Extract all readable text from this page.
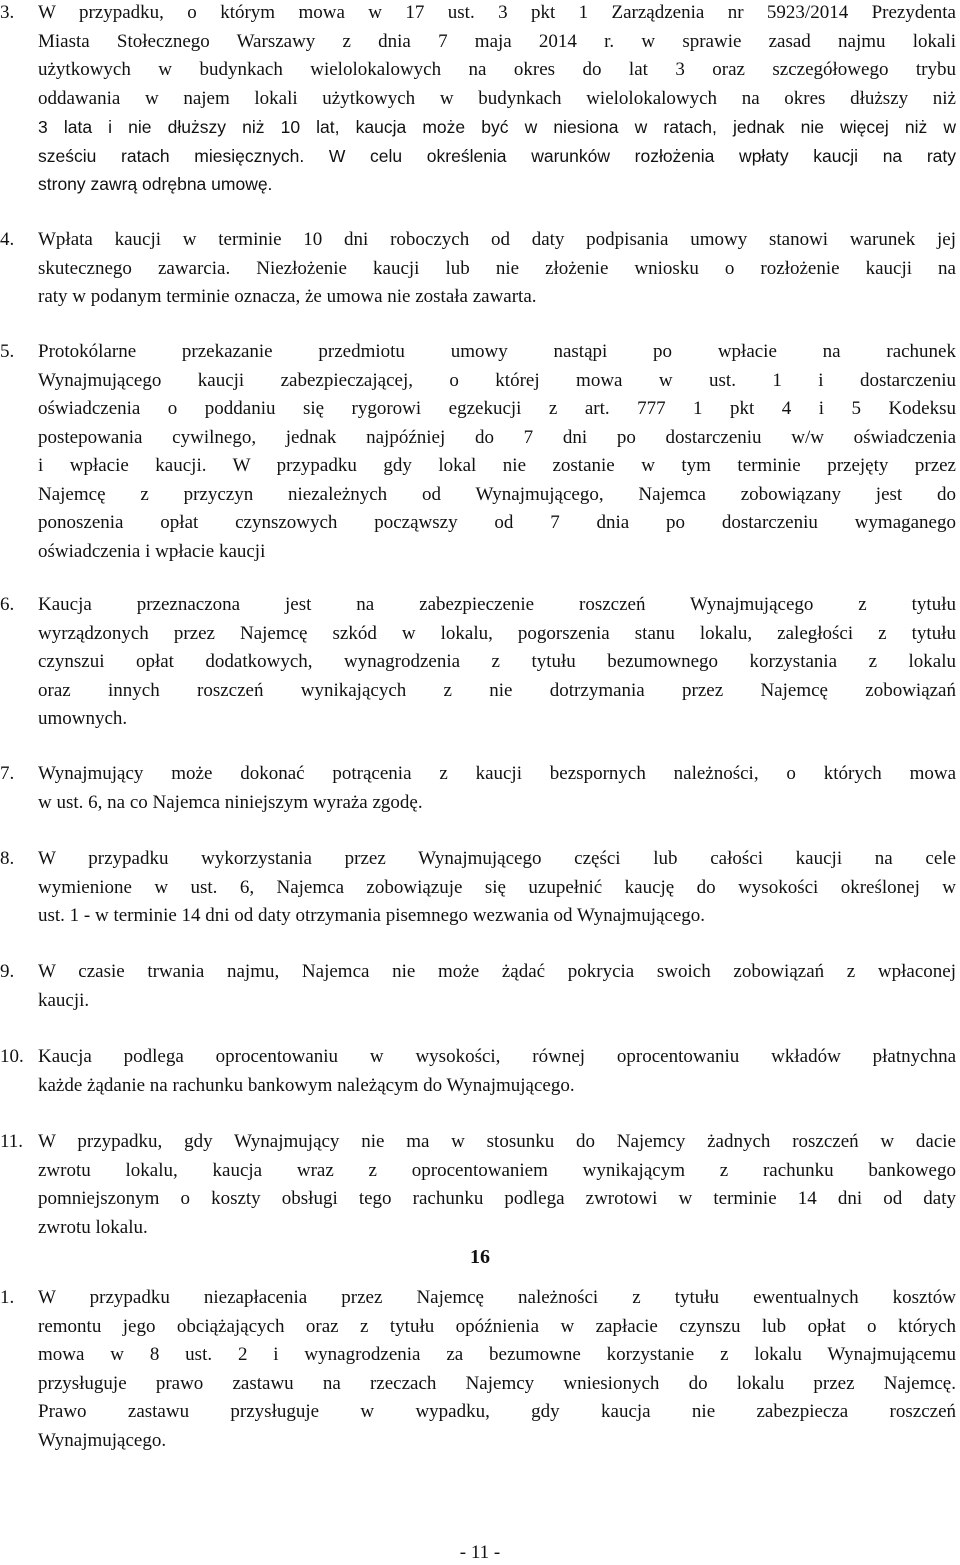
3. W przypadku, o którym mowa w 17 ust. 3 pkt 1 Zarządzenia nr 5923/2014 Prezydenta
Miasta Stołecznego Warszawy z dnia 7 maja 2014 r. w sprawie zasad najmu lokali
użytkowych w budynkach wielolokalowych na okres do lat 3 oraz szczegółowego trybu
oddawania w najem lokali użytkowych w budynkach wielolokalowych na okres dłuższy niż
3 lata i nie dłuższy niż 10 lat, kaucja może być w niesiona w ratach, jednak nie więcej niż w
sześciu ratach miesięcznych. W celu określenia warunków rozłożenia wpłaty kaucji na raty
strony zawrą odrębna umowę.
4. Wpłata kaucji w terminie 10 dni roboczych od daty podpisania umowy stanowi warunek jej
skutecznego zawarcia. Niezłożenie kaucji lub nie złożenie wniosku o rozłożenie kaucji na
raty w podanym terminie oznacza, że umowa nie została zawarta.
5. Protokólarne przekazanie przedmiotu umowy nastąpi po wpłacie na rachunek
Wynajmującego kaucji zabezpieczającej, o której mowa w ust. 1 i dostarczeniu
oświadczenia o poddaniu się rygorowi egzekucji z art. 777 1 pkt 4 i 5 Kodeksu
postepowania cywilnego, jednak najpóźniej do 7 dni po dostarczeniu w/w oświadczenia
i wpłacie kaucji. W przypadku gdy lokal nie zostanie w tym terminie przejęty przez
Najemcę z przyczyn niezależnych od Wynajmującego, Najemca zobowiązany jest do
ponoszenia opłat czynszowych począwszy od 7 dnia po dostarczeniu wymaganego
oświadczenia i wpłacie kaucji
6. Kaucja przeznaczona jest na zabezpieczenie roszczeń Wynajmującego z tytułu
wyrządzonych przez Najemcę szkód w lokalu, pogorszenia stanu lokalu, zaległości z tytułu
czynszui opłat dodatkowych, wynagrodzenia z tytułu bezumownego korzystania z lokalu
oraz innych roszczeń wynikających z nie dotrzymania przez Najemcę zobowiązań
umownych.
7. Wynajmujący może dokonać potrącenia z kaucji bezspornych należności, o których mowa
w ust. 6, na co Najemca niniejszym wyraża zgodę.
8. W przypadku wykorzystania przez Wynajmującego części lub całości kaucji na cele
wymienione w ust. 6, Najemca zobowiązuje się uzupełnić kaucję do wysokości określonej w
ust. 1 - w terminie 14 dni od daty otrzymania pisemnego wezwania od Wynajmującego.
9. W czasie trwania najmu, Najemca nie może żądać pokrycia swoich zobowiązań z wpłaconej
kaucji.
10. Kaucja podlega oprocentowaniu w wysokości, równej oprocentowaniu wkładów płatnychna
każde żądanie na rachunku bankowym należącym do Wynajmującego.
11. W przypadku, gdy Wynajmujący nie ma w stosunku do Najemcy żadnych roszczeń w dacie
zwrotu lokalu, kaucja wraz z oprocentowaniem wynikającym z rachunku bankowego
pomniejszonym o koszty obsługi tego rachunku podlega zwrotowi w terminie 14 dni od daty
zwrotu lokalu.
16
1. W przypadku niezapłacenia przez Najemcę należności z tytułu ewentualnych kosztów
remontu jego obciążających oraz z tytułu opóźnienia w zapłacie czynszu lub opłat o których
mowa w 8 ust. 2 i wynagrodzenia za bezumowne korzystanie z lokalu Wynajmującemu
przysługuje prawo zastawu na rzeczach Najemcy wniesionych do lokalu przez Najemcę.
Prawo zastawu przysługuje w wypadku, gdy kaucja nie zabezpiecza roszczeń
Wynajmującego.
- 11 -
